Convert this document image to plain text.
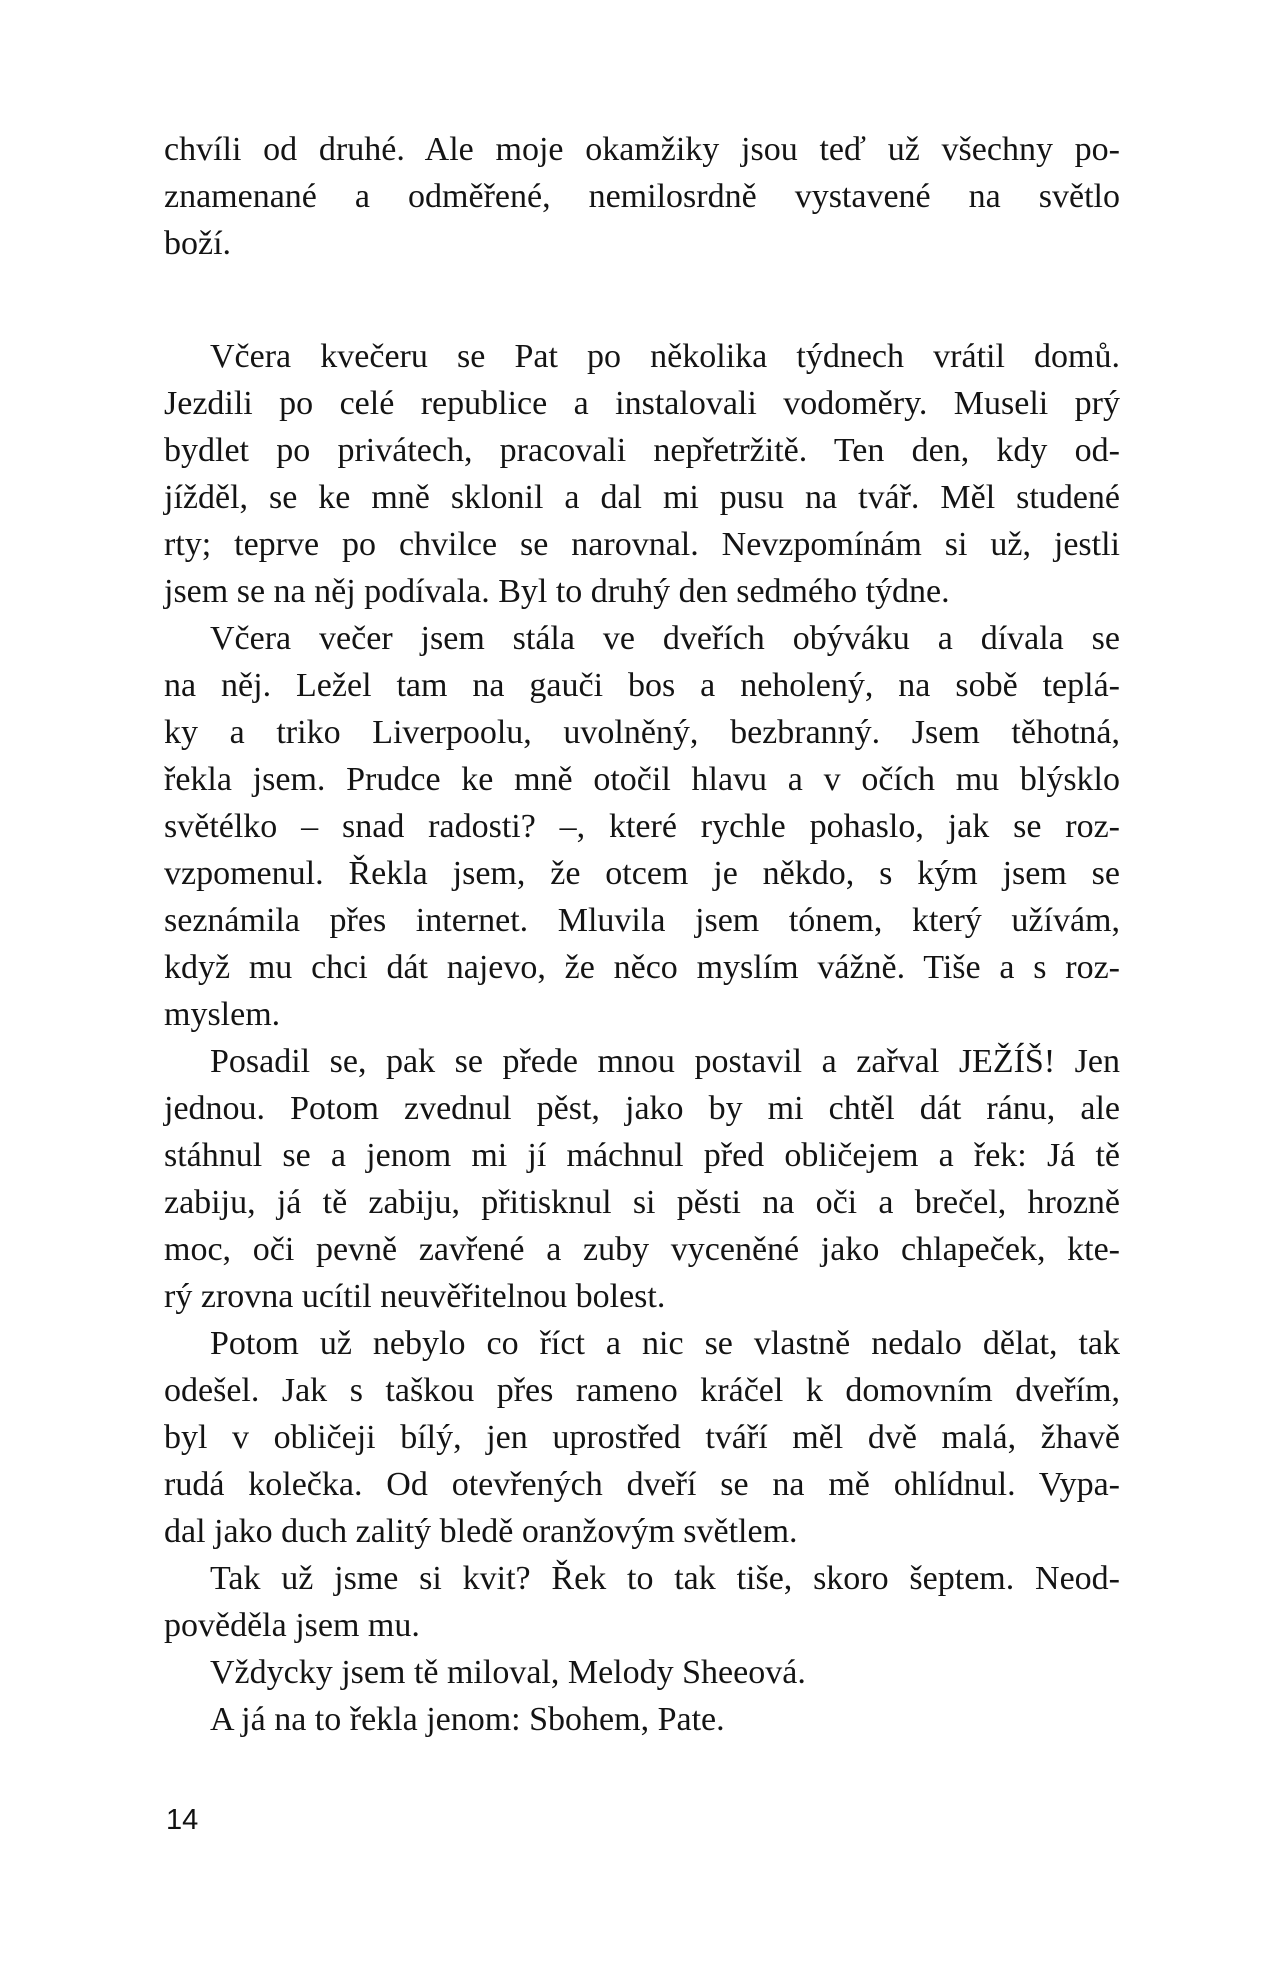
chvíli od druhé. Ale moje okamžiky jsou teď už všechny po-
znamenané a odměřené, nemilosrdně vystavené na světlo
boží.
Včera kvečeru se Pat po několika týdnech vrátil domů.
Jezdili po celé republice a instalovali vodoměry. Museli prý
bydlet po privátech, pracovali nepřetržitě. Ten den, kdy od-
jížděl, se ke mně sklonil a dal mi pusu na tvář. Měl studené
rty; teprve po chvilce se narovnal. Nevzpomínám si už, jestli
jsem se na něj podívala. Byl to druhý den sedmého týdne.
Včera večer jsem stála ve dveřích obýváku a dívala se
na něj. Ležel tam na gauči bos a neholený, na sobě teplá-
ky a triko Liverpoolu, uvolněný, bezbranný. Jsem těhotná,
řekla jsem. Prudce ke mně otočil hlavu a v očích mu blýsklo
světélko – snad radosti? –, které rychle pohaslo, jak se roz-
vzpomenul. Řekla jsem, že otcem je někdo, s kým jsem se
seznámila přes internet. Mluvila jsem tónem, který užívám,
když mu chci dát najevo, že něco myslím vážně. Tiše a s roz-
myslem.
Posadil se, pak se přede mnou postavil a zařval JEŽÍŠ! Jen
jednou. Potom zvednul pěst, jako by mi chtěl dát ránu, ale
stáhnul se a jenom mi jí máchnul před obličejem a řek: Já tě
zabiju, já tě zabiju, přitisknul si pěsti na oči a brečel, hrozně
moc, oči pevně zavřené a zuby vyceněné jako chlapeček, kte-
rý zrovna ucítil neuvěřitelnou bolest.
Potom už nebylo co říct a nic se vlastně nedalo dělat, tak
odešel. Jak s taškou přes rameno kráčel k domovním dveřím,
byl v obličeji bílý, jen uprostřed tváří měl dvě malá, žhavě
rudá kolečka. Od otevřených dveří se na mě ohlídnul. Vypa-
dal jako duch zalitý bledě oranžovým světlem.
Tak už jsme si kvit? Řek to tak tiše, skoro šeptem. Neod-
pověděla jsem mu.
Vždycky jsem tě miloval, Melody Sheeová.
A já na to řekla jenom: Sbohem, Pate.
14
